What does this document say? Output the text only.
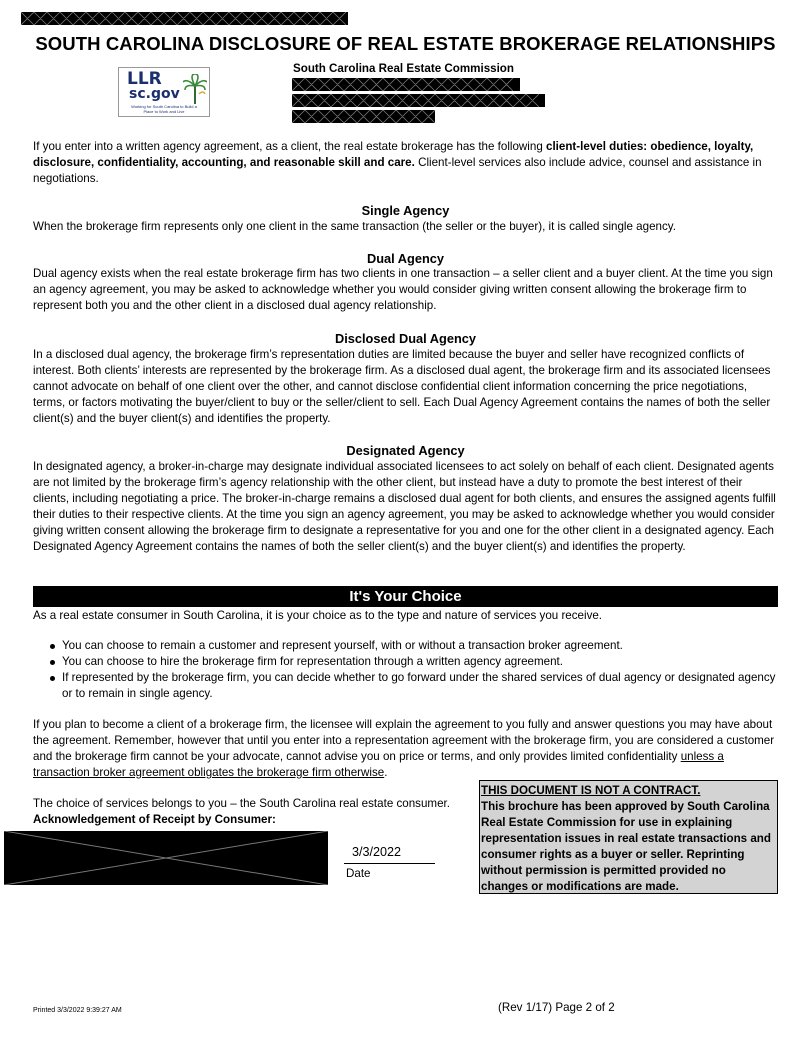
SOUTH CAROLINA DISCLOSURE OF REAL ESTATE BROKERAGE RELATIONSHIPS
South Carolina Real Estate Commission
LLR
sc.gov
Working for South Carolina to Build a Place to Work and Live
If you enter into a written agency agreement, as a client, the real estate brokerage has the following client-level duties: obedience, loyalty, disclosure, confidentiality, accounting, and reasonable skill and care. Client-level services also include advice, counsel and assistance in negotiations.
Single Agency
When the brokerage firm represents only one client in the same transaction (the seller or the buyer), it is called single agency.
Dual Agency
Dual agency exists when the real estate brokerage firm has two clients in one transaction – a seller client and a buyer client. At the time you sign an agency agreement, you may be asked to acknowledge whether you would consider giving written consent allowing the brokerage firm to represent both you and the other client in a disclosed dual agency relationship.
Disclosed Dual Agency
In a disclosed dual agency, the brokerage firm’s representation duties are limited because the buyer and seller have recognized conflicts of interest. Both clients’ interests are represented by the brokerage firm. As a disclosed dual agent, the brokerage firm and its associated licensees cannot advocate on behalf of one client over the other, and cannot disclose confidential client information concerning the price negotiations, terms, or factors motivating the buyer/client to buy or the seller/client to sell. Each Dual Agency Agreement contains the names of both the seller client(s) and the buyer client(s) and identifies the property.
Designated Agency
In designated agency, a broker-in-charge may designate individual associated licensees to act solely on behalf of each client. Designated agents are not limited by the brokerage firm’s agency relationship with the other client, but instead have a duty to promote the best interest of their clients, including negotiating a price. The broker-in-charge remains a disclosed dual agent for both clients, and ensures the assigned agents fulfill their duties to their respective clients. At the time you sign an agency agreement, you may be asked to acknowledge whether you would consider giving written consent allowing the brokerage firm to designate a representative for you and one for the other client in a designated agency. Each Designated Agency Agreement contains the names of both the seller client(s) and the buyer client(s) and identifies the property.
It's Your Choice
As a real estate consumer in South Carolina, it is your choice as to the type and nature of services you receive.
You can choose to remain a customer and represent yourself, with or without a transaction broker agreement.
You can choose to hire the brokerage firm for representation through a written agency agreement.
If represented by the brokerage firm, you can decide whether to go forward under the shared services of dual agency or designated agency or to remain in single agency.
If you plan to become a client of a brokerage firm, the licensee will explain the agreement to you fully and answer questions you may have about the agreement. Remember, however that until you enter into a representation agreement with the brokerage firm, you are considered a customer and the brokerage firm cannot be your advocate, cannot advise you on price or terms, and only provides limited confidentiality unless a transaction broker agreement obligates the brokerage firm otherwise.
The choice of services belongs to you – the South Carolina real estate consumer.
Acknowledgement of Receipt by Consumer:
3/3/2022
Date
THIS DOCUMENT IS NOT A CONTRACT.
This brochure has been approved by South Carolina Real Estate Commission for use in explaining representation issues in real estate transactions and consumer rights as a buyer or seller. Reprinting without permission is permitted provided no changes or modifications are made.
Printed 3/3/2022 9:39:27 AM	(Rev 1/17) Page 2 of 2
